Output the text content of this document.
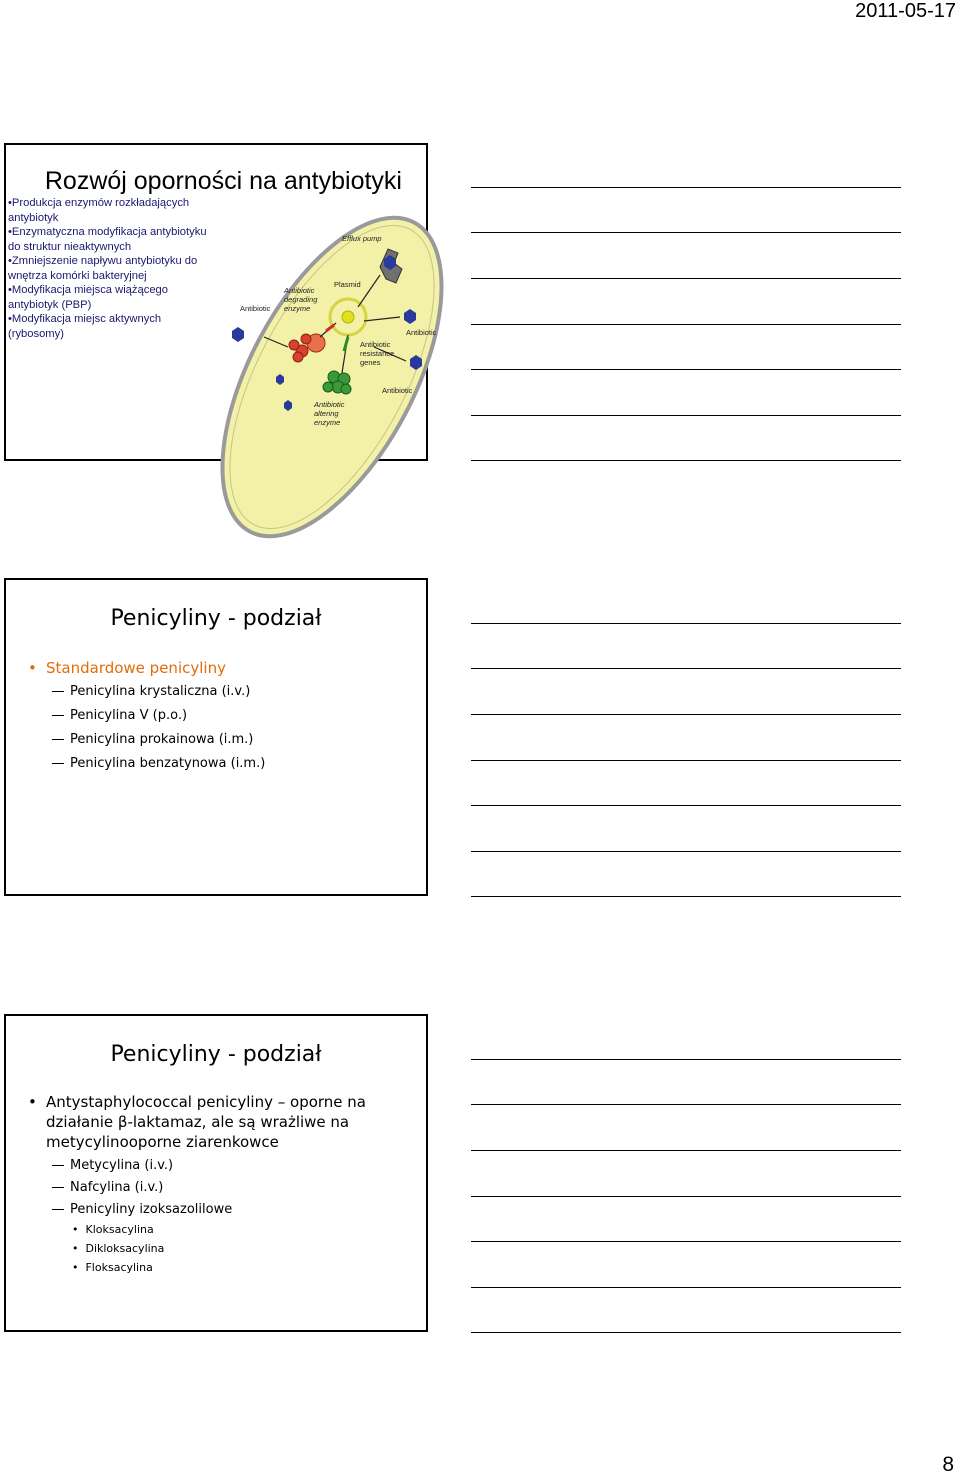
2011-05-17
Rozwój oporności na antybiotyki
•Produkcja enzymów rozkładających antybiotyk
•Enzymatyczna modyfikacja antybiotyku do struktur nieaktywnych
•Zmniejszenie napływu antybiotyku do wnętrza komórki bakteryjnej
•Modyfikacja miejsca wiążącego antybiotyk (PBP)
•Modyfikacja miejsc aktywnych (rybosomy)
Efflux pump
Plasmid
Antibiotic
degrading
enzyme
Antibiotic
Antibiotic
Antibiotic
Antibiotic
resistance
genes
Antibiotic
altering
enzyme
Penicyliny - podział
• Standardowe penicyliny
Penicylina krystaliczna (i.v.)
Penicylina V (p.o.)
Penicylina prokainowa (i.m.)
Penicylina benzatynowa (i.m.)
Penicyliny - podział
• Antystaphylococcal penicyliny – oporne na
działanie β-laktamaz, ale są wrażliwe na
metycylinooporne ziarenkowce
Metycylina (i.v.)
Nafcylina (i.v.)
Penicyliny izoksazolilowe
•  Kloksacylina
•  Dikloksacylina
•  Floksacylina
8
